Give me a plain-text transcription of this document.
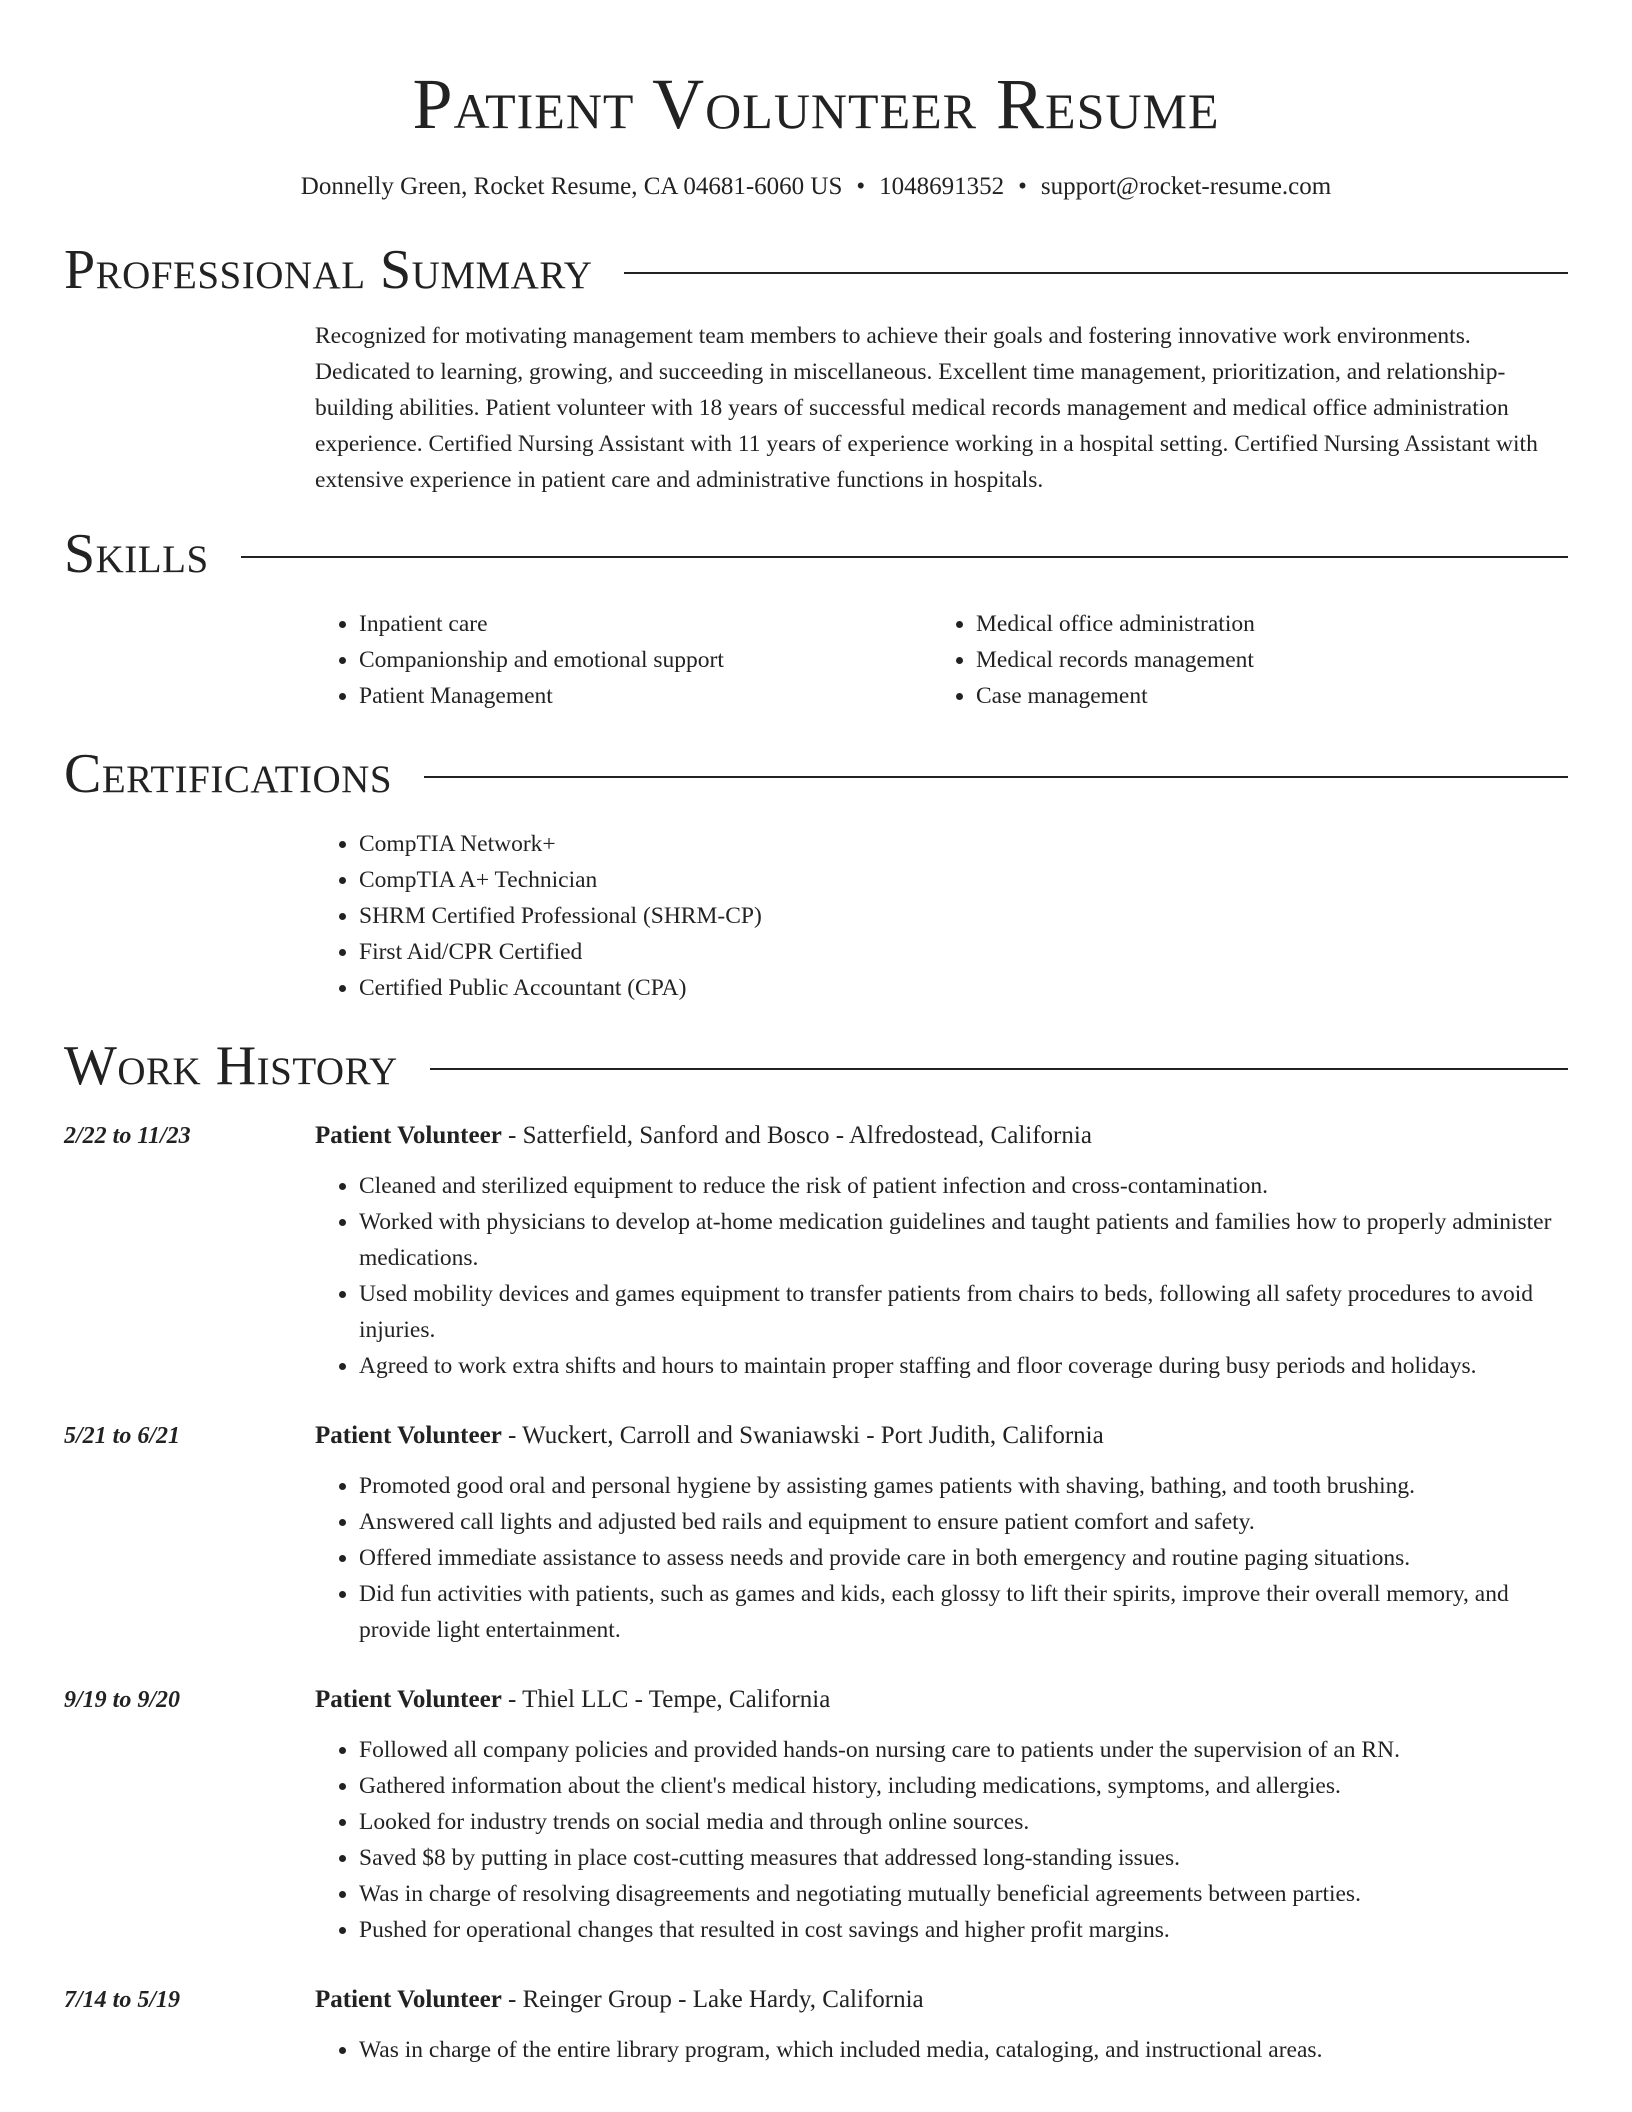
Patient Volunteer Resume
Donnelly Green, Rocket Resume, CA 04681-6060 US • 1048691352 • support@rocket-resume.com
Professional Summary
Recognized for motivating management team members to achieve their goals and fostering innovative work environments. Dedicated to learning, growing, and succeeding in miscellaneous. Excellent time management, prioritization, and relationship-building abilities. Patient volunteer with 18 years of successful medical records management and medical office administration experience. Certified Nursing Assistant with 11 years of experience working in a hospital setting. Certified Nursing Assistant with extensive experience in patient care and administrative functions in hospitals.
Skills
• Inpatient care
• Companionship and emotional support
• Patient Management
• Medical office administration
• Medical records management
• Case management
Certifications
• CompTIA Network+
• CompTIA A+ Technician
• SHRM Certified Professional (SHRM-CP)
• First Aid/CPR Certified
• Certified Public Accountant (CPA)
Work History
2/22 to 11/23	Patient Volunteer - Satterfield, Sanford and Bosco - Alfredostead, California
• Cleaned and sterilized equipment to reduce the risk of patient infection and cross-contamination.
• Worked with physicians to develop at-home medication guidelines and taught patients and families how to properly administer medications.
• Used mobility devices and games equipment to transfer patients from chairs to beds, following all safety procedures to avoid injuries.
• Agreed to work extra shifts and hours to maintain proper staffing and floor coverage during busy periods and holidays.
5/21 to 6/21	Patient Volunteer - Wuckert, Carroll and Swaniawski - Port Judith, California
• Promoted good oral and personal hygiene by assisting games patients with shaving, bathing, and tooth brushing.
• Answered call lights and adjusted bed rails and equipment to ensure patient comfort and safety.
• Offered immediate assistance to assess needs and provide care in both emergency and routine paging situations.
• Did fun activities with patients, such as games and kids, each glossy to lift their spirits, improve their overall memory, and provide light entertainment.
9/19 to 9/20	Patient Volunteer - Thiel LLC - Tempe, California
• Followed all company policies and provided hands-on nursing care to patients under the supervision of an RN.
• Gathered information about the client's medical history, including medications, symptoms, and allergies.
• Looked for industry trends on social media and through online sources.
• Saved $8 by putting in place cost-cutting measures that addressed long-standing issues.
• Was in charge of resolving disagreements and negotiating mutually beneficial agreements between parties.
• Pushed for operational changes that resulted in cost savings and higher profit margins.
7/14 to 5/19	Patient Volunteer - Reinger Group - Lake Hardy, California
• Was in charge of the entire library program, which included media, cataloging, and instructional areas.
